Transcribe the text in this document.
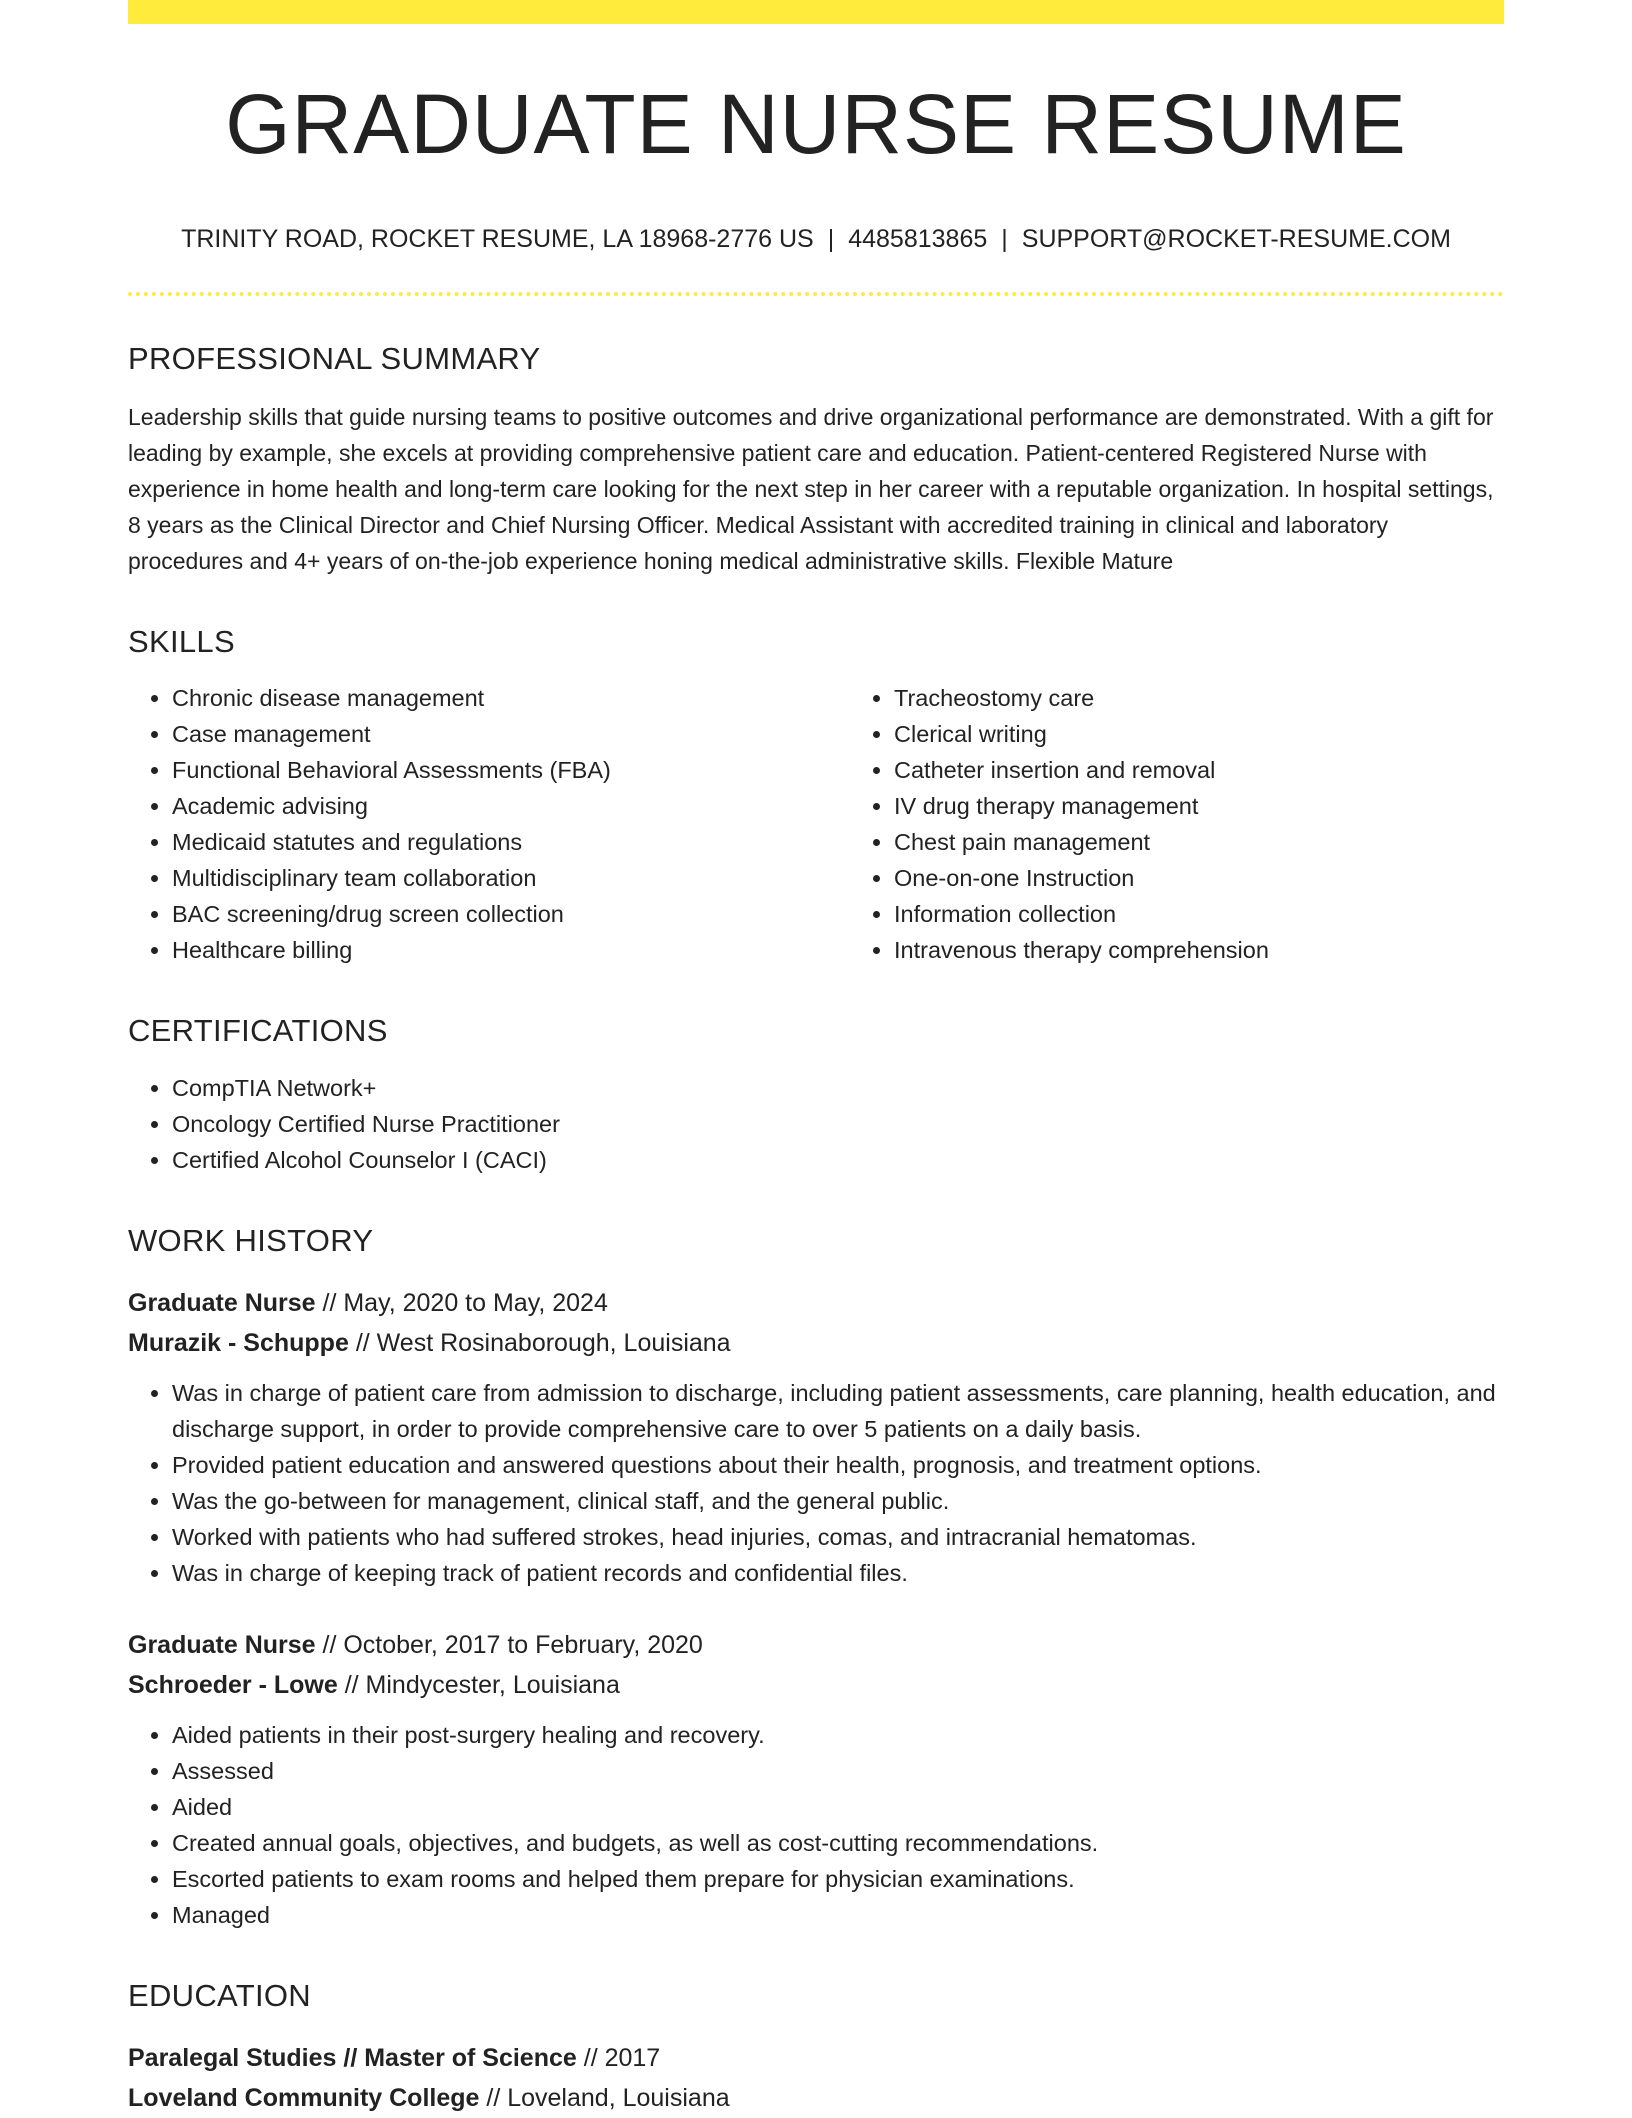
GRADUATE NURSE RESUME
TRINITY ROAD, ROCKET RESUME, LA 18968-2776 US | 4485813865 | SUPPORT@ROCKET-RESUME.COM
PROFESSIONAL SUMMARY
Leadership skills that guide nursing teams to positive outcomes and drive organizational performance are demonstrated. With a gift for leading by example, she excels at providing comprehensive patient care and education. Patient-centered Registered Nurse with experience in home health and long-term care looking for the next step in her career with a reputable organization. In hospital settings, 8 years as the Clinical Director and Chief Nursing Officer. Medical Assistant with accredited training in clinical and laboratory procedures and 4+ years of on-the-job experience honing medical administrative skills. Flexible Mature
SKILLS
• Chronic disease management
• Case management
• Functional Behavioral Assessments (FBA)
• Academic advising
• Medicaid statutes and regulations
• Multidisciplinary team collaboration
• BAC screening/drug screen collection
• Healthcare billing
• Tracheostomy care
• Clerical writing
• Catheter insertion and removal
• IV drug therapy management
• Chest pain management
• One-on-one Instruction
• Information collection
• Intravenous therapy comprehension
CERTIFICATIONS
• CompTIA Network+
• Oncology Certified Nurse Practitioner
• Certified Alcohol Counselor I (CACI)
WORK HISTORY
Graduate Nurse // May, 2020 to May, 2024
Murazik - Schuppe // West Rosinaborough, Louisiana
• Was in charge of patient care from admission to discharge, including patient assessments, care planning, health education, and discharge support, in order to provide comprehensive care to over 5 patients on a daily basis.
• Provided patient education and answered questions about their health, prognosis, and treatment options.
• Was the go-between for management, clinical staff, and the general public.
• Worked with patients who had suffered strokes, head injuries, comas, and intracranial hematomas.
• Was in charge of keeping track of patient records and confidential files.
Graduate Nurse // October, 2017 to February, 2020
Schroeder - Lowe // Mindycester, Louisiana
• Aided patients in their post-surgery healing and recovery.
• Assessed
• Aided
• Created annual goals, objectives, and budgets, as well as cost-cutting recommendations.
• Escorted patients to exam rooms and helped them prepare for physician examinations.
• Managed
EDUCATION
Paralegal Studies // Master of Science // 2017
Loveland Community College // Loveland, Louisiana
